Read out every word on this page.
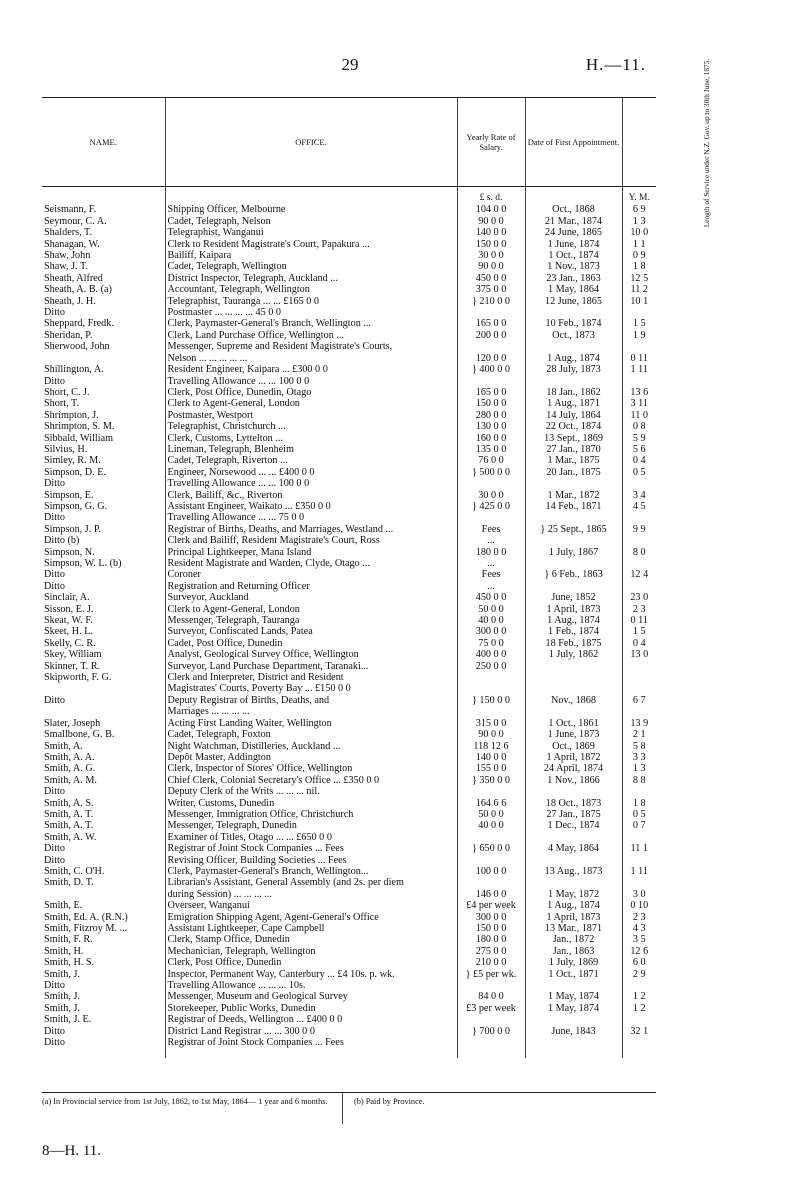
29	H.—11.
NAME.	OFFICE.	Yearly Rate of Salary.	Date of First Appointment.	Length of Service under N.Z. Gov. up to 30th June, 1875.
		£ s. d.		Y. M.
Seismann, F.	Shipping Officer, Melbourne	104 0 0	Oct., 1868	6 9
Seymour, C. A.	Cadet, Telegraph, Nelson	90 0 0	21 Mar., 1874	1 3
Shalders, T.	Telegraphist, Wanganui	140 0 0	24 June, 1865	10 0
Shanagan, W.	Clerk to Resident Magistrate's Court, Papakura ...	150 0 0	1 June, 1874	1 1
Shaw, John	Bailiff, Kaipara	30 0 0	1 Oct., 1874	0 9
Shaw, J. T.	Cadet, Telegraph, Wellington	90 0 0	1 Nov., 1873	1 8
Sheath, Alfred	District Inspector, Telegraph, Auckland ...	450 0 0	23 Jan., 1863	12 5
Sheath, A. B. (a)	Accountant, Telegraph, Wellington	375 0 0	1 May, 1864	11 2
Sheath, J. H.	Telegraphist, Tauranga ... ... £165 0 0	} 210 0 0	12 June, 1865	10 1
Ditto	Postmaster ... ... ... ... 45 0 0			
Sheppard, Fredk.	Clerk, Paymaster-General's Branch, Wellington ...	165 0 0	10 Feb., 1874	1 5
Sheridan, P.	Clerk, Land Purchase Office, Wellington ...	200 0 0	Oct., 1873	1 9
Sherwood, John	Messenger, Supreme and Resident Magistrate's Courts,			
	Nelson ... ... ... ... ...	120 0 0	1 Aug., 1874	0 11
Shillington, A.	Resident Engineer, Kaipara ... £300 0 0	} 400 0 0	28 July, 1873	1 11
Ditto	Travelling Allowance ... ... 100 0 0			
Short, C. J.	Clerk, Post Office, Dunedin, Otago	165 0 0	18 Jan., 1862	13 6
Short, T.	Clerk to Agent-General, London	150 0 0	1 Aug., 1871	3 11
Shrimpton, J.	Postmaster, Westport	280 0 0	14 July, 1864	11 0
Shrimpton, S. M.	Telegraphist, Christchurch ...	130 0 0	22 Oct., 1874	0 8
Sibbald, William	Clerk, Customs, Lyttelton ...	160 0 0	13 Sept., 1869	5 9
Silvius, H.	Lineman, Telegraph, Blenheim	135 0 0	27 Jan., 1870	5 6
Simley, R. M.	Cadet, Telegraph, Riverton ...	76 0 0	1 Mar., 1875	0 4
Simpson, D. E.	Engineer, Norsewood ... ... £400 0 0	} 500 0 0	20 Jan., 1875	0 5
Ditto	Travelling Allowance ... ... 100 0 0			
Simpson, E.	Clerk, Bailiff, &c., Riverton	30 0 0	1 Mar., 1872	3 4
Simpson, G. G.	Assistant Engineer, Waikato ... £350 0 0	} 425 0 0	14 Feb., 1871	4 5
Ditto	Travelling Allowance ... ... 75 0 0			
Simpson, J. P.	Registrar of Births, Deaths, and Marriages, Westland ...	Fees	} 25 Sept., 1865	9 9
Ditto (b)	Clerk and Bailiff, Resident Magistrate's Court, Ross	...		
Simpson, N.	Principal Lightkeeper, Mana Island	180 0 0	1 July, 1867	8 0
Simpson, W. L. (b)	Resident Magistrate and Warden, Clyde, Otago ...	...		
Ditto	Coroner	Fees	} 6 Feb., 1863	12 4
Ditto	Registration and Returning Officer	...		
Sinclair, A.	Surveyor, Auckland	450 0 0	June, 1852	23 0
Sisson, E. J.	Clerk to Agent-General, London	50 0 0	1 April, 1873	2 3
Skeat, W. F.	Messenger, Telegraph, Tauranga	40 0 0	1 Aug., 1874	0 11
Skeet, H. L.	Surveyor, Confiscated Lands, Patea	300 0 0	1 Feb., 1874	1 5
Skelly, C. R.	Cadet, Post Office, Dunedin	75 0 0	18 Feb., 1875	0 4
Skey, William	Analyst, Geological Survey Office, Wellington	400 0 0	1 July, 1862	13 0
Skinner, T. R.	Surveyor, Land Purchase Department, Taranaki...	250 0 0		
Skipworth, F. G.	Clerk and Interpreter, District and Resident			
	Magistrates' Courts, Poverty Bay ... £150 0 0			
Ditto	Deputy Registrar of Births, Deaths, and	} 150 0 0	Nov., 1868	6 7
	Marriages ... ... ... ...			
Slater, Joseph	Acting First Landing Waiter, Wellington	315 0 0	1 Oct., 1861	13 9
Smallbone, G. B.	Cadet, Telegraph, Foxton	90 0 0	1 June, 1873	2 1
Smith, A.	Night Watchman, Distilleries, Auckland ...	118 12 6	Oct., 1869	5 8
Smith, A. A.	Depôt Master, Addington	140 0 0	1 April, 1872	3 3
Smith, A. G.	Clerk, Inspector of Stores' Office, Wellington	155 0 0	24 April, 1874	1 3
Smith, A. M.	Chief Clerk, Colonial Secretary's Office ... £350 0 0	} 350 0 0	1 Nov., 1866	8 8
Ditto	Deputy Clerk of the Writs ... ... ... nil.			
Smith, A. S.	Writer, Customs, Dunedin	164 6 6	18 Oct., 1873	1 8
Smith, A. T.	Messenger, Immigration Office, Christchurch	50 0 0	27 Jan., 1875	0 5
Smith, A. T.	Messenger, Telegraph, Dunedin	40 0 0	1 Dec., 1874	0 7
Smith, A. W.	Examiner of Titles, Otago ... ... £650 0 0			
Ditto	Registrar of Joint Stock Companies ... Fees	} 650 0 0	4 May, 1864	11 1
Ditto	Revising Officer, Building Societies ... Fees			
Smith, C. O'H.	Clerk, Paymaster-General's Branch, Wellington...	100 0 0	13 Aug., 1873	1 11
Smith, D. T.	Librarian's Assistant, General Assembly (and 2s. per diem			
	during Session) ... ... ... ...	146 0 0	1 May, 1872	3 0
Smith, E.	Overseer, Wanganui	£4 per week	1 Aug., 1874	0 10
Smith, Ed. A. (R.N.)	Emigration Shipping Agent, Agent-General's Office	300 0 0	1 April, 1873	2 3
Smith, Fitzroy M. ...	Assistant Lightkeeper, Cape Campbell	150 0 0	13 Mar., 1871	4 3
Smith, F. R.	Clerk, Stamp Office, Dunedin	180 0 0	Jan., 1872	3 5
Smith, H.	Mechanician, Telegraph, Wellington	275 0 0	Jan., 1863	12 6
Smith, H. S.	Clerk, Post Office, Dunedin	210 0 0	1 July, 1869	6 0
Smith, J.	Inspector, Permanent Way, Canterbury ... £4 10s. p. wk.	} £5 per wk.	1 Oct., 1871	2 9
Ditto	Travelling Allowance ... ... ... 10s.			
Smith, J.	Messenger, Museum and Geological Survey	84 0 0	1 May, 1874	1 2
Smith, J.	Storekeeper, Public Works, Dunedin	£3 per week	1 May, 1874	1 2
Smith, J. E.	Registrar of Deeds, Wellington ... £400 0 0			
Ditto	District Land Registrar ... ... 300 0 0	} 700 0 0	June, 1843	32 1
Ditto	Registrar of Joint Stock Companies ... Fees			
(a) In Provincial service from 1st July, 1862, to 1st May, 1864— 1 year and 6 months.	(b) Paid by Province.
8—H. 11.
